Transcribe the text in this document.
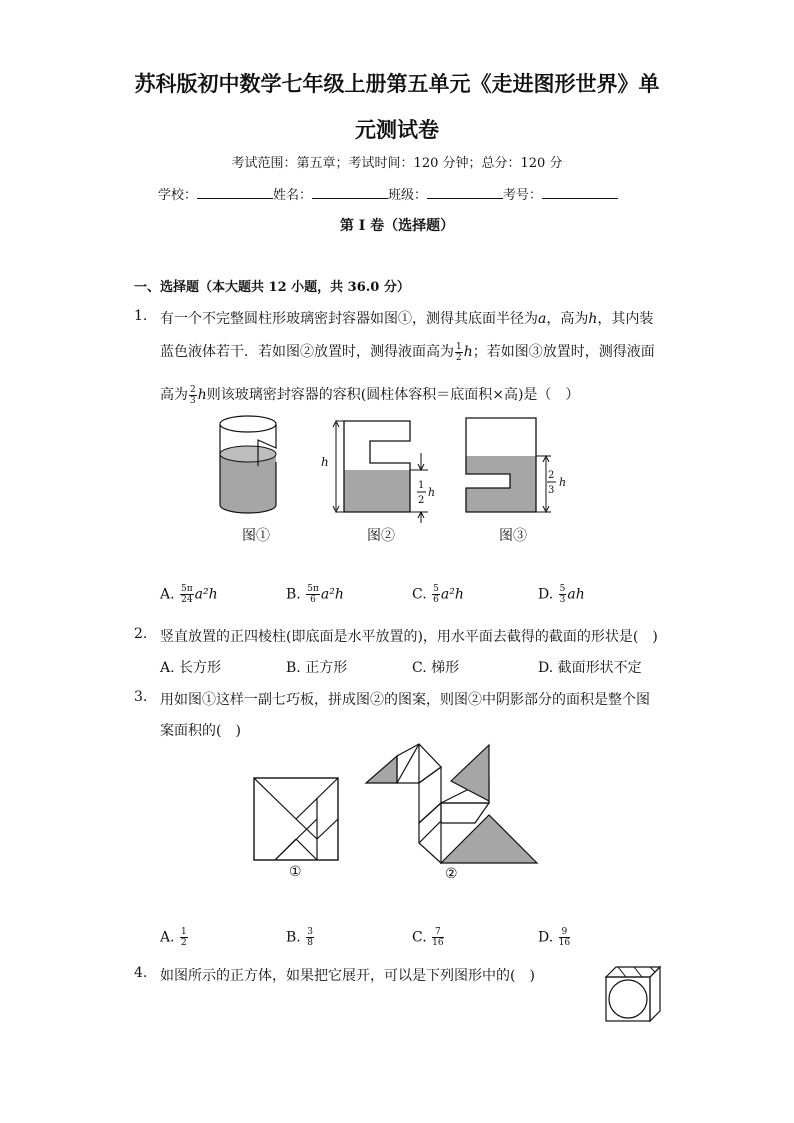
苏科版初中数学七年级上册第五单元《走进图形世界》单
元测试卷
考试范围：第五章；考试时间：120 分钟；总分：120 分
学校：	姓名：	班级：	考号：
第 I 卷（选择题）
一、选择题（本大题共 12 小题，共 36.0 分）
1. 有一个不完整圆柱形玻璃密封容器如图①，测得其底面半径为a，高为h，其内装
蓝色液体若干．若如图②放置时，测得液面高为 $\frac{1}{2}$ h；若如图③放置时，测得液面
高为 $\frac{2}{3}$ h则该玻璃密封容器的容积(圆柱体容积＝底面积×高)是（　）
图①
h
1
2
h
图②
2
3
h
图③
A. $\frac{5\pi}{24} a^2h$	B. $\frac{5\pi}{6} a^2h$	C. $\frac{5}{6} a^2h$	D. $\frac{5}{3}$ ah
2. 竖直放置的正四棱柱(即底面是水平放置的)，用水平面去截得的截面的形状是(　)
A. 长方形	B. 正方形	C. 梯形	D. 截面形状不定
3. 用如图①这样一副七巧板，拼成图②的图案，则图②中阴影部分的面积是整个图
案面积的(　)
①	②
A. $\frac{1}{2}$	B. $\frac{3}{8}$	C. $\frac{7}{16}$	D. $\frac{9}{16}$
4. 如图所示的正方体，如果把它展开，可以是下列图形中的(　)
